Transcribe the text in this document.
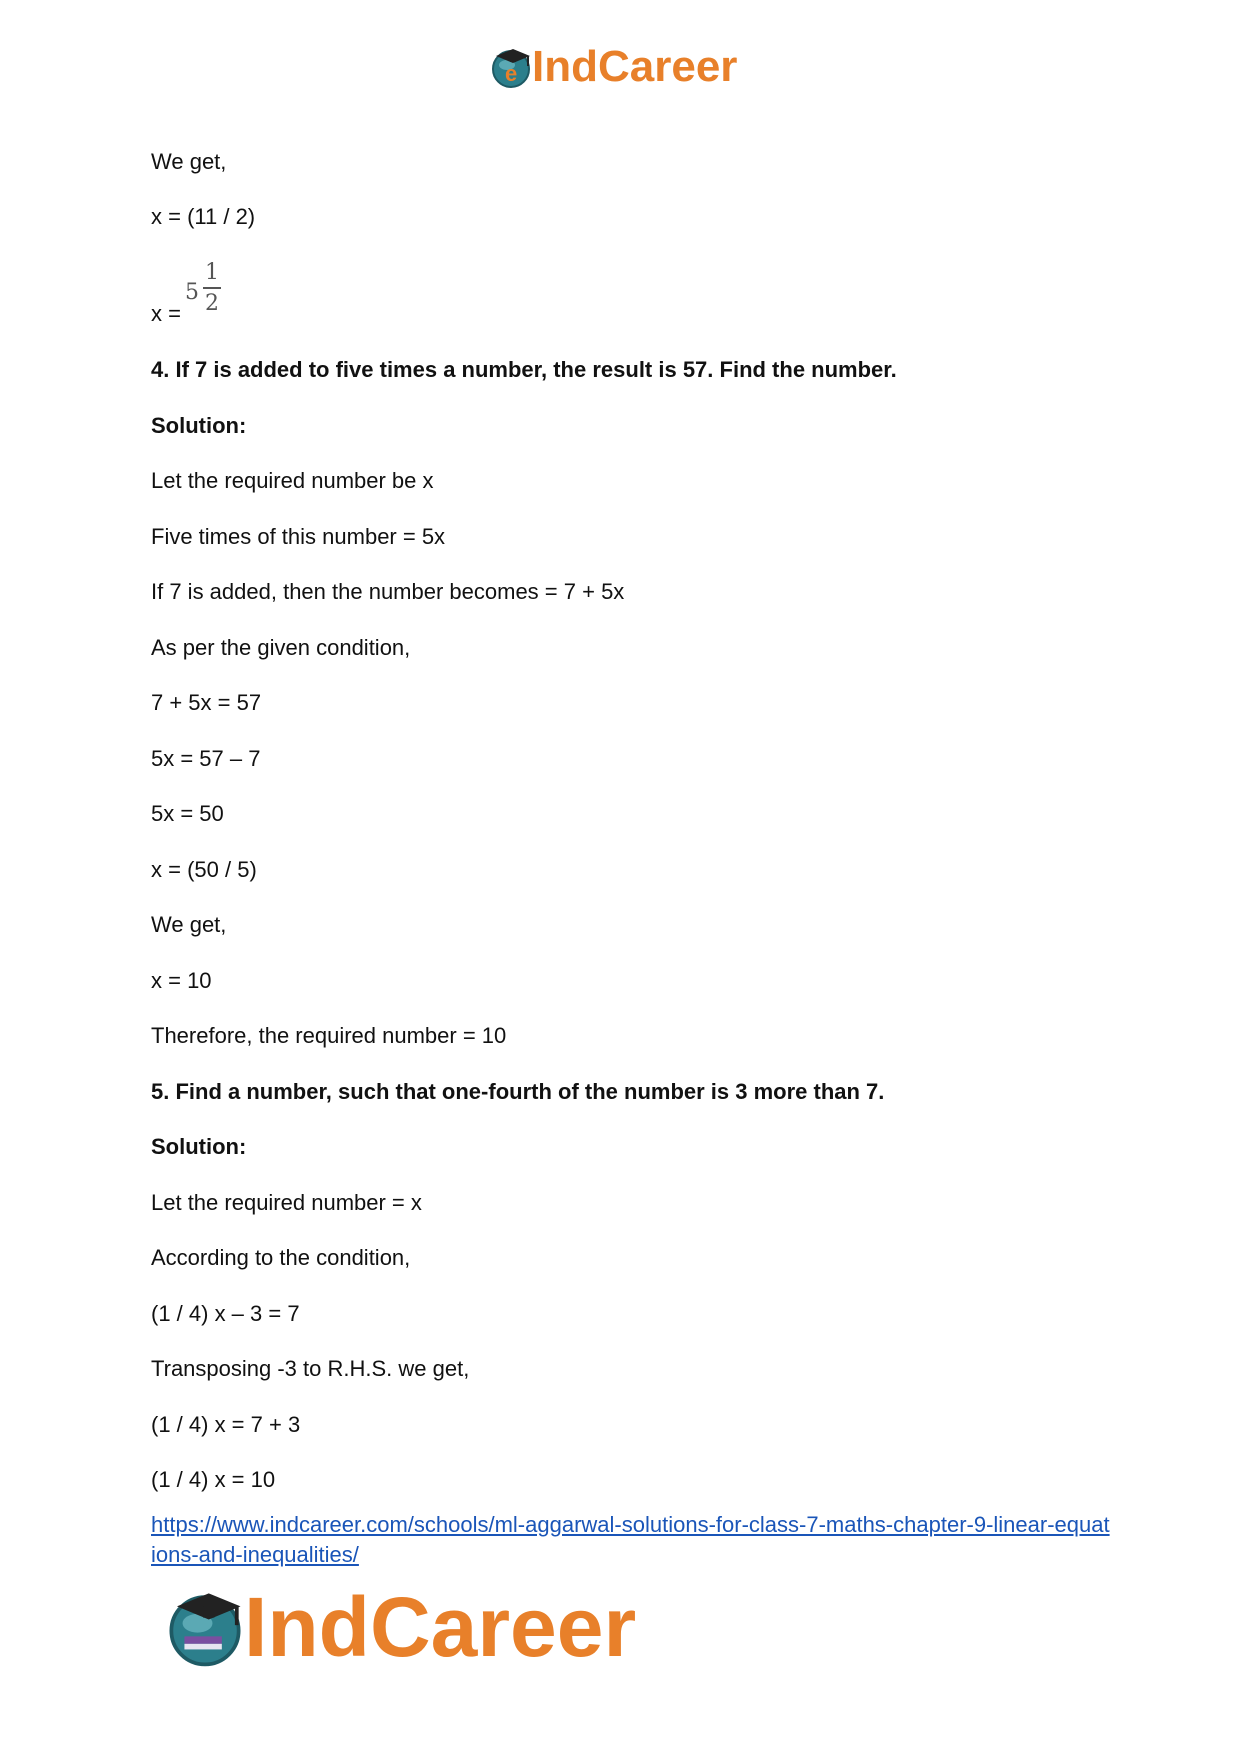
e IndCareer
We get,
x = (11 / 2)
x =
5
1
2
4. If 7 is added to five times a number, the result is 57. Find the number.
Solution:
Let the required number be x
Five times of this number = 5x
If 7 is added, then the number becomes = 7 + 5x
As per the given condition,
7 + 5x = 57
5x = 57 – 7
5x = 50
x = (50 / 5)
We get,
x = 10
Therefore, the required number = 10
5. Find a number, such that one-fourth of the number is 3 more than 7.
Solution:
Let the required number = x
According to the condition,
(1 / 4) x – 3 = 7
Transposing -3 to R.H.S. we get,
(1 / 4) x = 7 + 3
(1 / 4) x = 10
https://www.indcareer.com/schools/ml-aggarwal-solutions-for-class-7-maths-chapter-9-linear-equations-and-inequalities/
IndCareer
